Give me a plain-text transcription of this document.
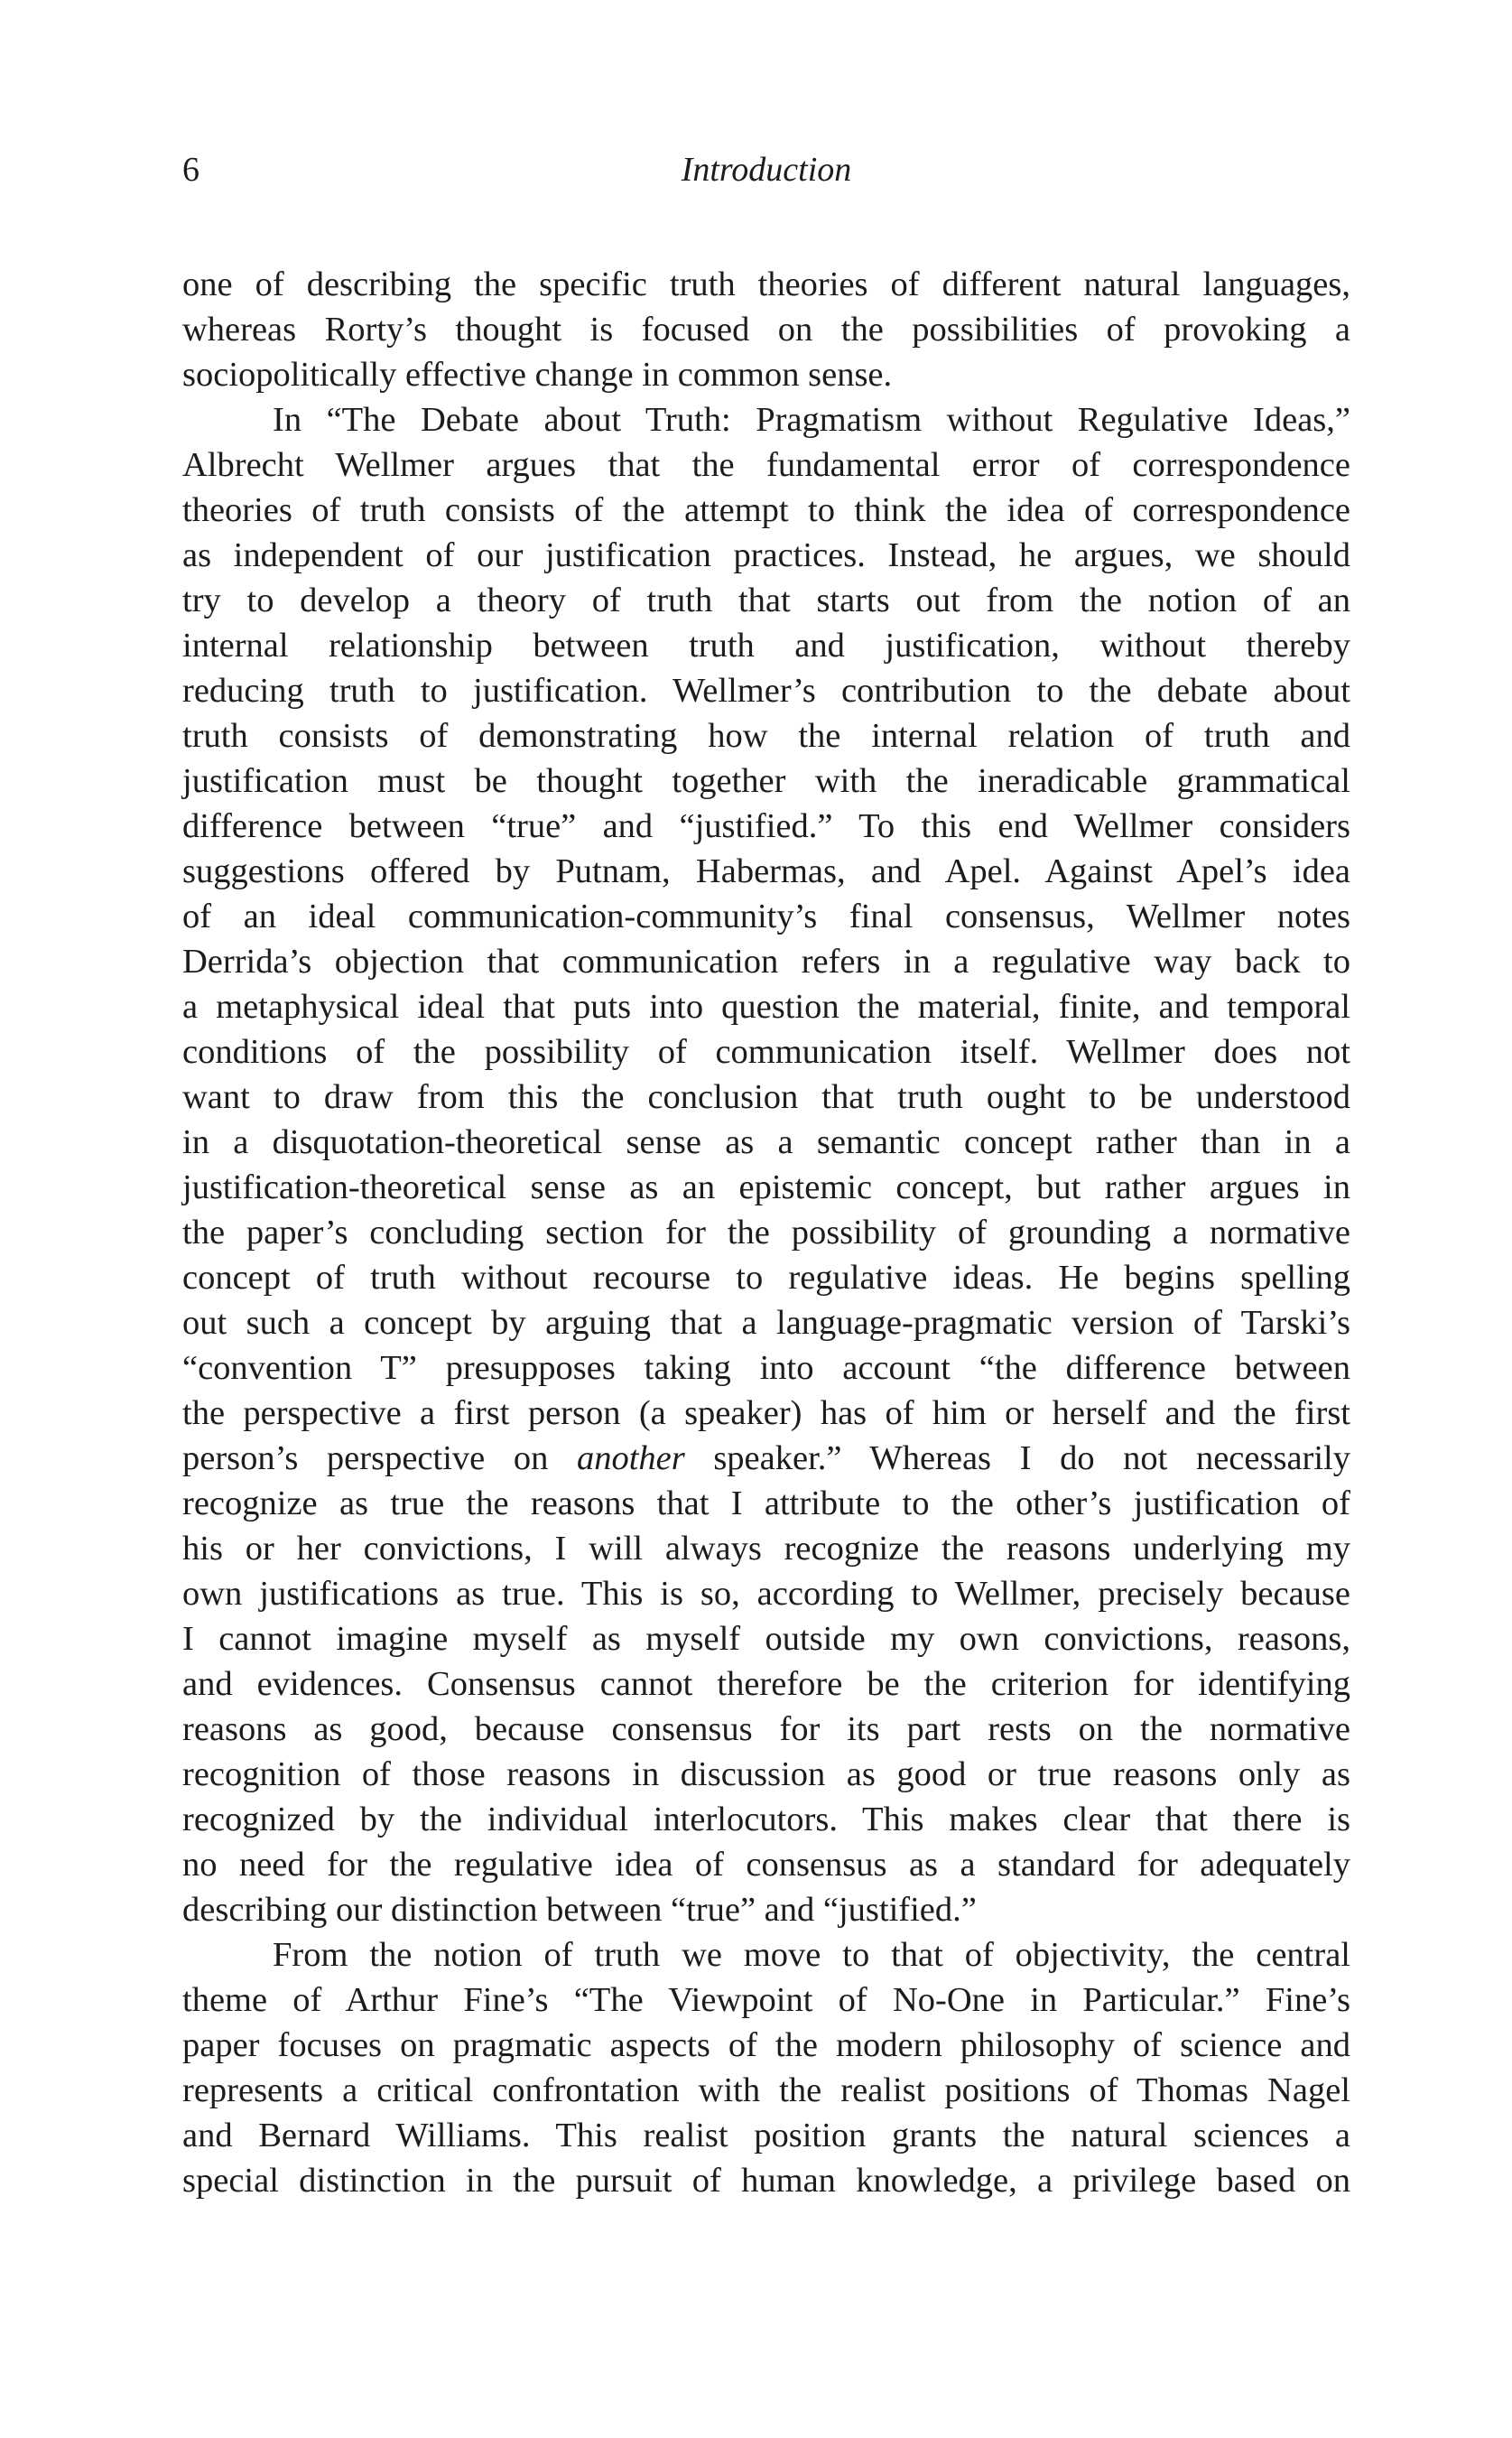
6	Introduction
one of describing the specific truth theories of different natural languages,
whereas Rorty’s thought is focused on the possibilities of provoking a
sociopolitically effective change in common sense.
In “The Debate about Truth: Pragmatism without Regulative Ideas,”
Albrecht Wellmer argues that the fundamental error of correspondence
theories of truth consists of the attempt to think the idea of correspondence
as independent of our justification practices. Instead, he argues, we should
try to develop a theory of truth that starts out from the notion of an
internal relationship between truth and justification, without thereby
reducing truth to justification. Wellmer’s contribution to the debate about
truth consists of demonstrating how the internal relation of truth and
justification must be thought together with the ineradicable grammatical
difference between “true” and “justified.” To this end Wellmer considers
suggestions offered by Putnam, Habermas, and Apel. Against Apel’s idea
of an ideal communication-community’s final consensus, Wellmer notes
Derrida’s objection that communication refers in a regulative way back to
a metaphysical ideal that puts into question the material, finite, and temporal
conditions of the possibility of communication itself. Wellmer does not
want to draw from this the conclusion that truth ought to be understood
in a disquotation-theoretical sense as a semantic concept rather than in a
justification-theoretical sense as an epistemic concept, but rather argues in
the paper’s concluding section for the possibility of grounding a normative
concept of truth without recourse to regulative ideas. He begins spelling
out such a concept by arguing that a language-pragmatic version of Tarski’s
“convention T” presupposes taking into account “the difference between
the perspective a first person (a speaker) has of him or herself and the first
person’s perspective on another speaker.” Whereas I do not necessarily
recognize as true the reasons that I attribute to the other’s justification of
his or her convictions, I will always recognize the reasons underlying my
own justifications as true. This is so, according to Wellmer, precisely because
I cannot imagine myself as myself outside my own convictions, reasons,
and evidences. Consensus cannot therefore be the criterion for identifying
reasons as good, because consensus for its part rests on the normative
recognition of those reasons in discussion as good or true reasons only as
recognized by the individual interlocutors. This makes clear that there is
no need for the regulative idea of consensus as a standard for adequately
describing our distinction between “true” and “justified.”
From the notion of truth we move to that of objectivity, the central
theme of Arthur Fine’s “The Viewpoint of No-One in Particular.” Fine’s
paper focuses on pragmatic aspects of the modern philosophy of science and
represents a critical confrontation with the realist positions of Thomas Nagel
and Bernard Williams. This realist position grants the natural sciences a
special distinction in the pursuit of human knowledge, a privilege based on
